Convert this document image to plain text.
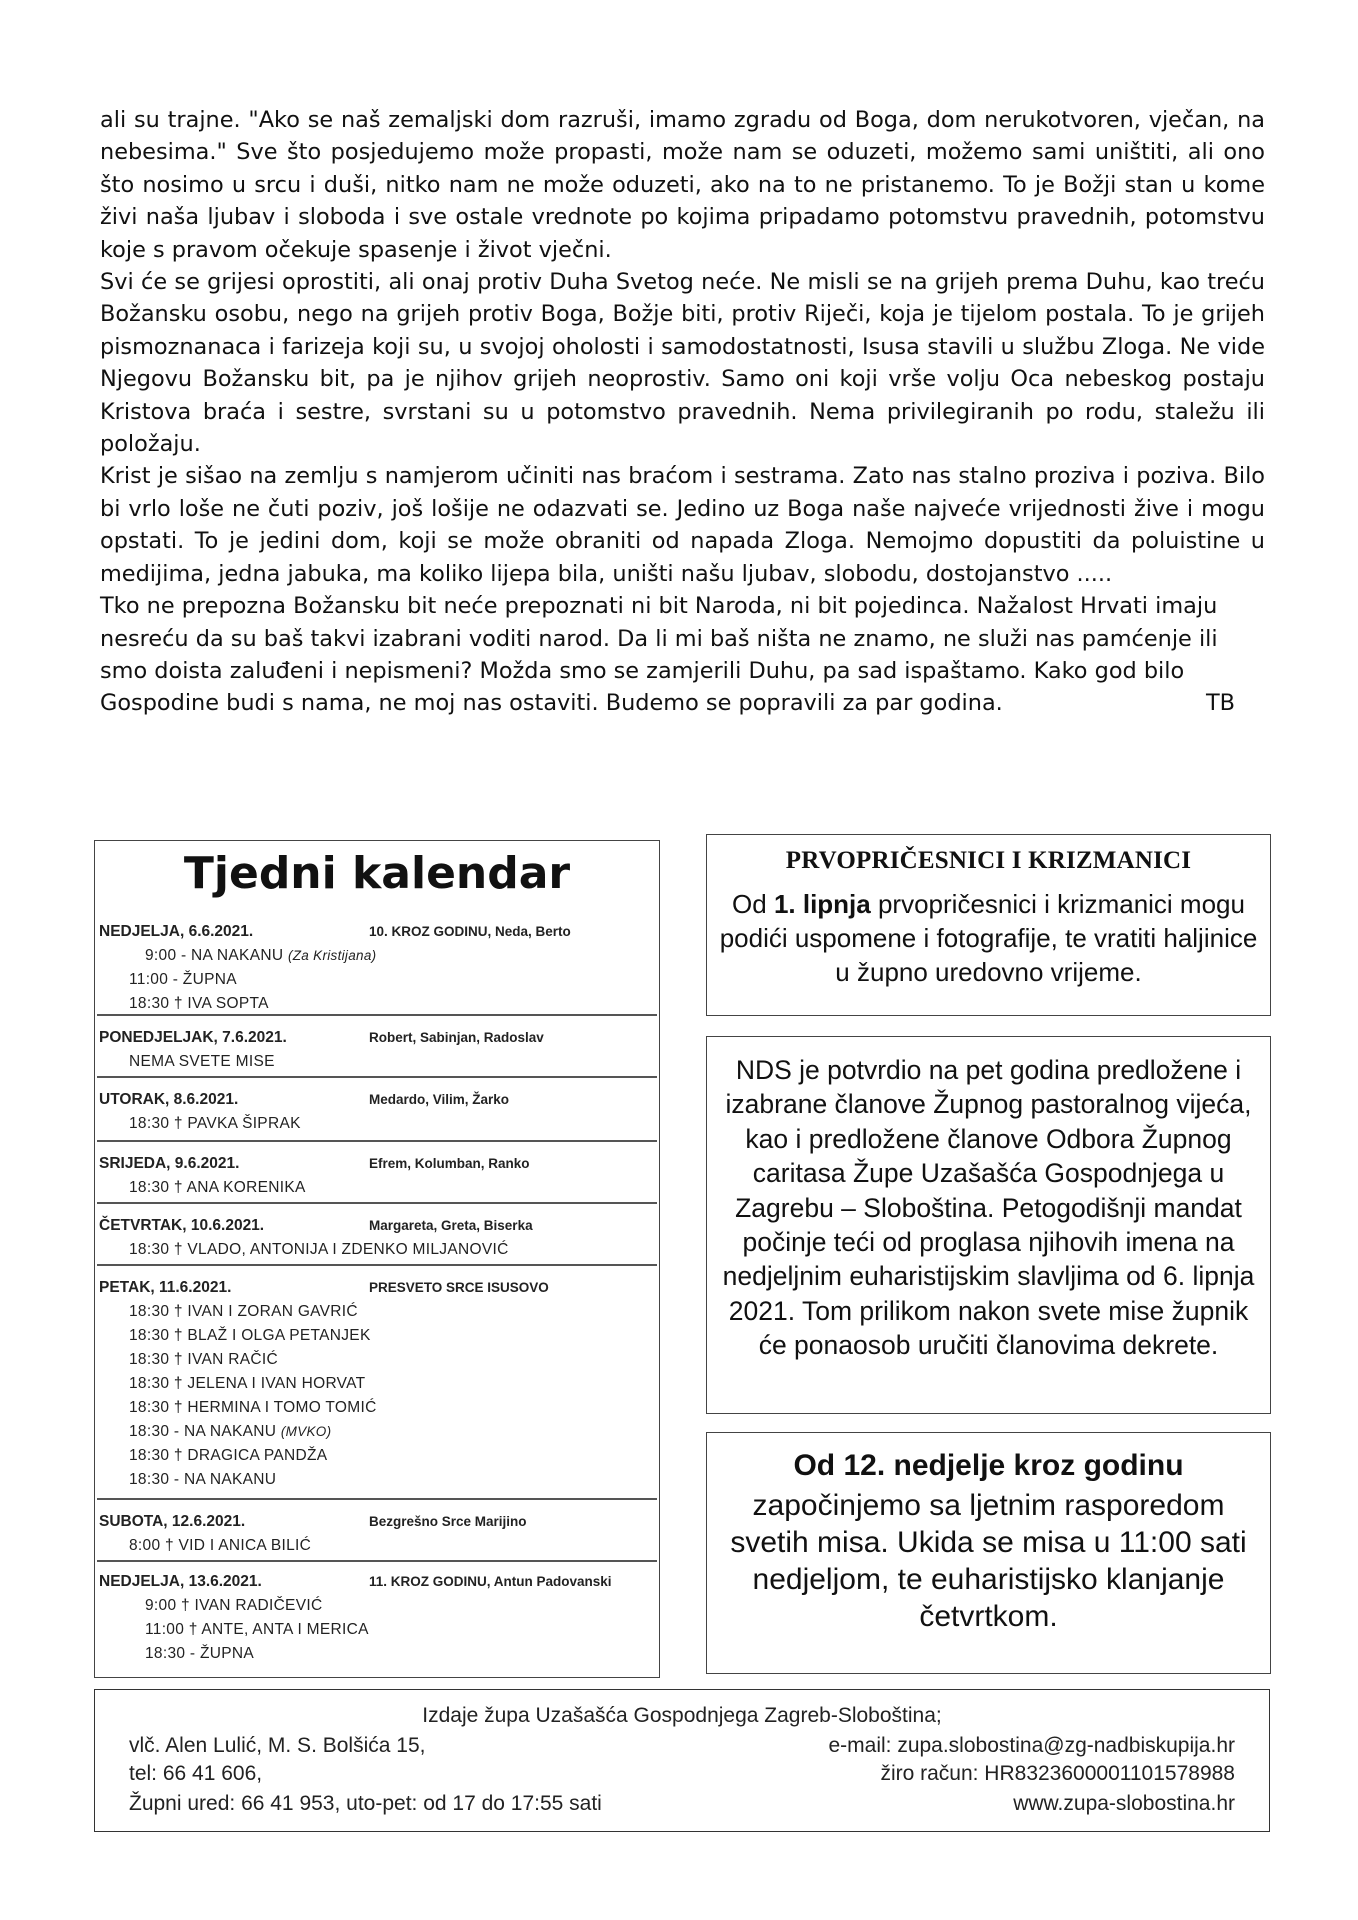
ali su trajne. "Ako se naš zemaljski dom razruši, imamo zgradu od Boga, dom nerukotvoren, vječan, na nebesima." Sve što posjedujemo može propasti, može nam se oduzeti, možemo sami uništiti, ali ono što nosimo u srcu i duši, nitko nam ne može oduzeti, ako na to ne pristanemo. To je Božji stan u kome živi naša ljubav i sloboda i sve ostale vrednote po kojima pripadamo potomstvu pravednih, potomstvu koje s pravom očekuje spasenje i život vječni.

Svi će se grijesi oprostiti, ali onaj protiv Duha Svetog neće. Ne misli se na grijeh prema Duhu, kao treću Božansku osobu, nego na grijeh protiv Boga, Božje biti, protiv Riječi, koja je tijelom postala. To je grijeh pismoznanaca i farizeja koji su, u svojoj oholosti i samodostatnosti, Isusa stavili u službu Zloga. Ne vide Njegovu Božansku bit, pa je njihov grijeh neoprostiv. Samo oni koji vrše volju Oca nebeskog postaju Kristova braća i sestre, svrstani su u potomstvo pravednih. Nema privilegiranih po rodu, staležu ili položaju.

Krist je sišao na zemlju s namjerom učiniti nas braćom i sestrama. Zato nas stalno proziva i poziva. Bilo bi vrlo loše ne čuti poziv, još lošije ne odazvati se. Jedino uz Boga naše najveće vrijednosti žive i mogu opstati. To je jedini dom, koji se može obraniti od napada Zloga. Nemojmo dopustiti da poluistine u medijima, jedna jabuka, ma koliko lijepa bila, uništi našu ljubav, slobodu, dostojanstvo .....

Tko ne prepozna Božansku bit neće prepoznati ni bit Naroda, ni bit pojedinca. Nažalost Hrvati imaju nesreću da su baš takvi izabrani voditi narod. Da li mi baš ništa ne znamo, ne služi nas pamćenje ili smo doista zaluđeni i nepismeni? Možda smo se zamjerili Duhu, pa sad ispaštamo. Kako god bilo Gospodine budi s nama, ne moj nas ostaviti. Budemo se popravili za par godina.	TB

Tjedni kalendar
NEDJELJA, 6.6.2021.	10. KROZ GODINU, Neda, Berto
9:00 - NA NAKANU (Za Kristijana)
11:00 - ŽUPNA
18:30 † IVA SOPTA
PONEDJELJAK, 7.6.2021.	Robert, Sabinjan, Radoslav
NEMA SVETE MISE
UTORAK, 8.6.2021.	Medardo, Vilim, Žarko
18:30 † PAVKA ŠIPRAK
SRIJEDA, 9.6.2021.	Efrem, Kolumban, Ranko
18:30 † ANA KORENIKA
ČETVRTAK, 10.6.2021.	Margareta, Greta, Biserka
18:30 † VLADO, ANTONIJA I ZDENKO MILJANOVIĆ
PETAK, 11.6.2021.	PRESVETO SRCE ISUSOVO
18:30 † IVAN I ZORAN GAVRIĆ
18:30 † BLAŽ I OLGA PETANJEK
18:30 † IVAN RAČIĆ
18:30 † JELENA I IVAN HORVAT
18:30 † HERMINA I TOMO TOMIĆ
18:30 - NA NAKANU (MVKO)
18:30 † DRAGICA PANDŽA
18:30 - NA NAKANU
SUBOTA, 12.6.2021.	Bezgrešno Srce Marijino
8:00 † VID I ANICA BILIĆ
NEDJELJA, 13.6.2021.	11. KROZ GODINU, Antun Padovanski
9:00 † IVAN RADIČEVIĆ
11:00 † ANTE, ANTA I MERICA
18:30 - ŽUPNA
PRVOPRIČESNICI I KRIZMANICI
Od 1. lipnja prvopričesnici i krizmanici mogu podići uspomene i fotografije, te vratiti haljinice u župno uredovno vrijeme.
NDS je potvrdio na pet godina predložene i izabrane članove Župnog pastoralnog vijeća, kao i predložene članove Odbora Župnog caritasa Župe Uzašašća Gospodnjega u Zagrebu – Sloboština. Petogodišnji mandat počinje teći od proglasa njihovih imena na nedjeljnim euharistijskim slavljima od 6. lipnja 2021. Tom prilikom nakon svete mise župnik će ponaosob uručiti članovima dekrete.
Od 12. nedjelje kroz godinu
započinjemo sa ljetnim rasporedom svetih misa. Ukida se misa u 11:00 sati nedjeljom, te euharistijsko klanjanje četvrtkom.
Izdaje župa Uzašašća Gospodnjega Zagreb-Sloboština;
vlč. Alen Lulić, M. S. Bolšića 15,	e-mail: zupa.slobostina@zg-nadbiskupija.hr
tel: 66 41 606,	žiro račun: HR8323600001101578988
Župni ured: 66 41 953, uto-pet: od 17 do 17:55 sati	www.zupa-slobostina.hr
